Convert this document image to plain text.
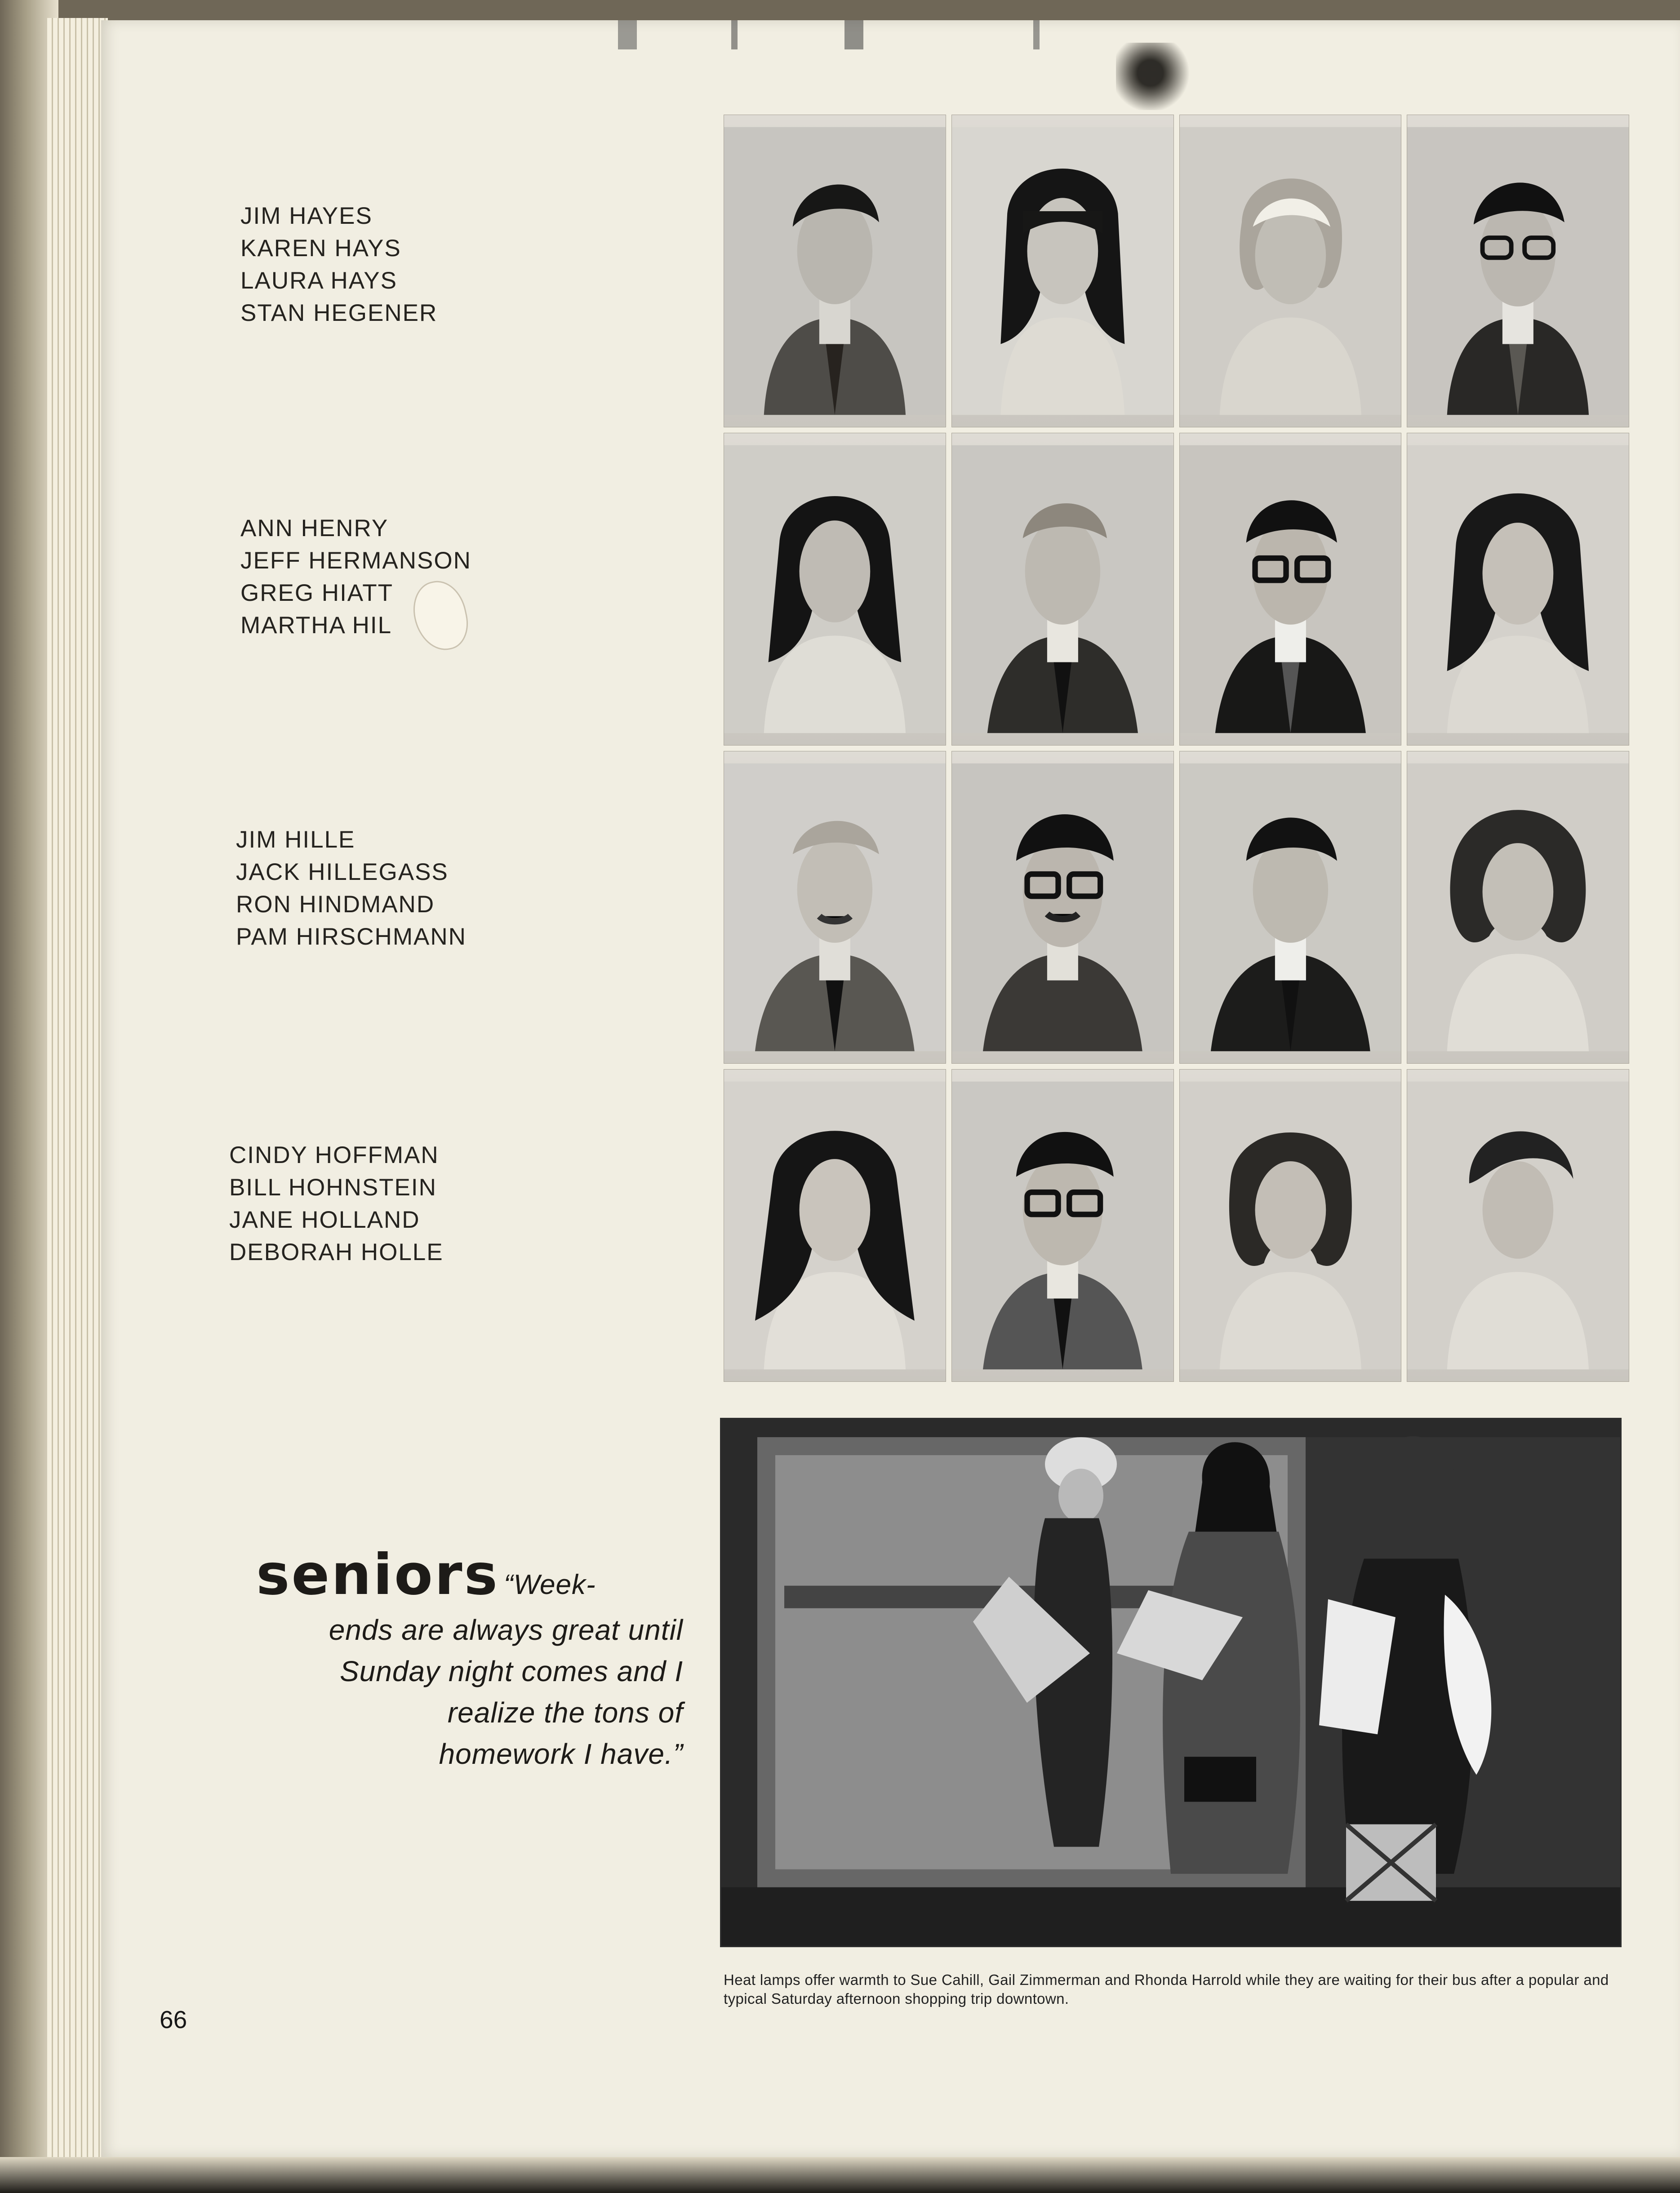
JIM HAYES
KAREN HAYS
LAURA HAYS
STAN HEGENER
ANN HENRY
JEFF HERMANSON
GREG HIATT
MARTHA HIL
JIM HILLE
JACK HILLEGASS
RON HINDMAND
PAM HIRSCHMANN
CINDY HOFFMAN
BILL HOHNSTEIN
JANE HOLLAND
DEBORAH HOLLE
seniors “Week-
ends are always great until
Sunday night comes and I
realize the tons of
homework I have.”
Heat lamps offer warmth to Sue Cahill, Gail Zimmerman and Rhonda Harrold while they are waiting for their bus after a popular and typical Saturday afternoon shopping trip downtown.
66
